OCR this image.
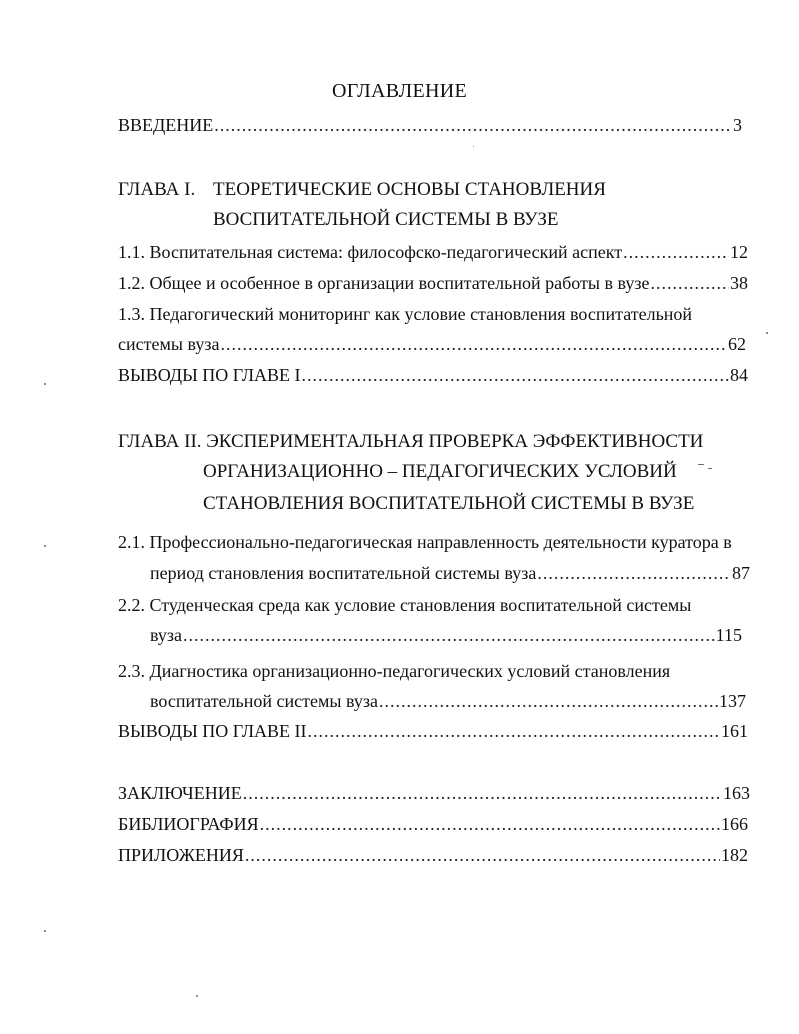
ОГЛАВЛЕНИЕ
ВВЕДЕНИЕ .....	3
ГЛАВА I. ТЕОРЕТИЧЕСКИЕ ОСНОВЫ СТАНОВЛЕНИЯ
ВОСПИТАТЕЛЬНОЙ СИСТЕМЫ В ВУЗЕ
1.1. Воспитательная система: философско-педагогический аспект .....	12
1.2. Общее и особенное в организации воспитательной работы в вузе .....	38
1.3. Педагогический мониторинг как условие становления воспитательной
системы вуза .....	62
ВЫВОДЫ ПО ГЛАВЕ I .....	84
ГЛАВА II. ЭКСПЕРИМЕНТАЛЬНАЯ ПРОВЕРКА ЭФФЕКТИВНОСТИ
ОРГАНИЗАЦИОННО – ПЕДАГОГИЧЕСКИХ УСЛОВИЙ
СТАНОВЛЕНИЯ ВОСПИТАТЕЛЬНОЙ СИСТЕМЫ В ВУЗЕ
2.1. Профессионально-педагогическая направленность деятельности куратора в
период становления воспитательной системы вуза .....	87
2.2. Студенческая среда как условие становления воспитательной системы
вуза .....	115
2.3. Диагностика организационно-педагогических условий становления
воспитательной системы вуза .....	137
ВЫВОДЫ ПО ГЛАВЕ II .....	161
ЗАКЛЮЧЕНИЕ .....	163
БИБЛИОГРАФИЯ .....	166
ПРИЛОЖЕНИЯ .....	182
